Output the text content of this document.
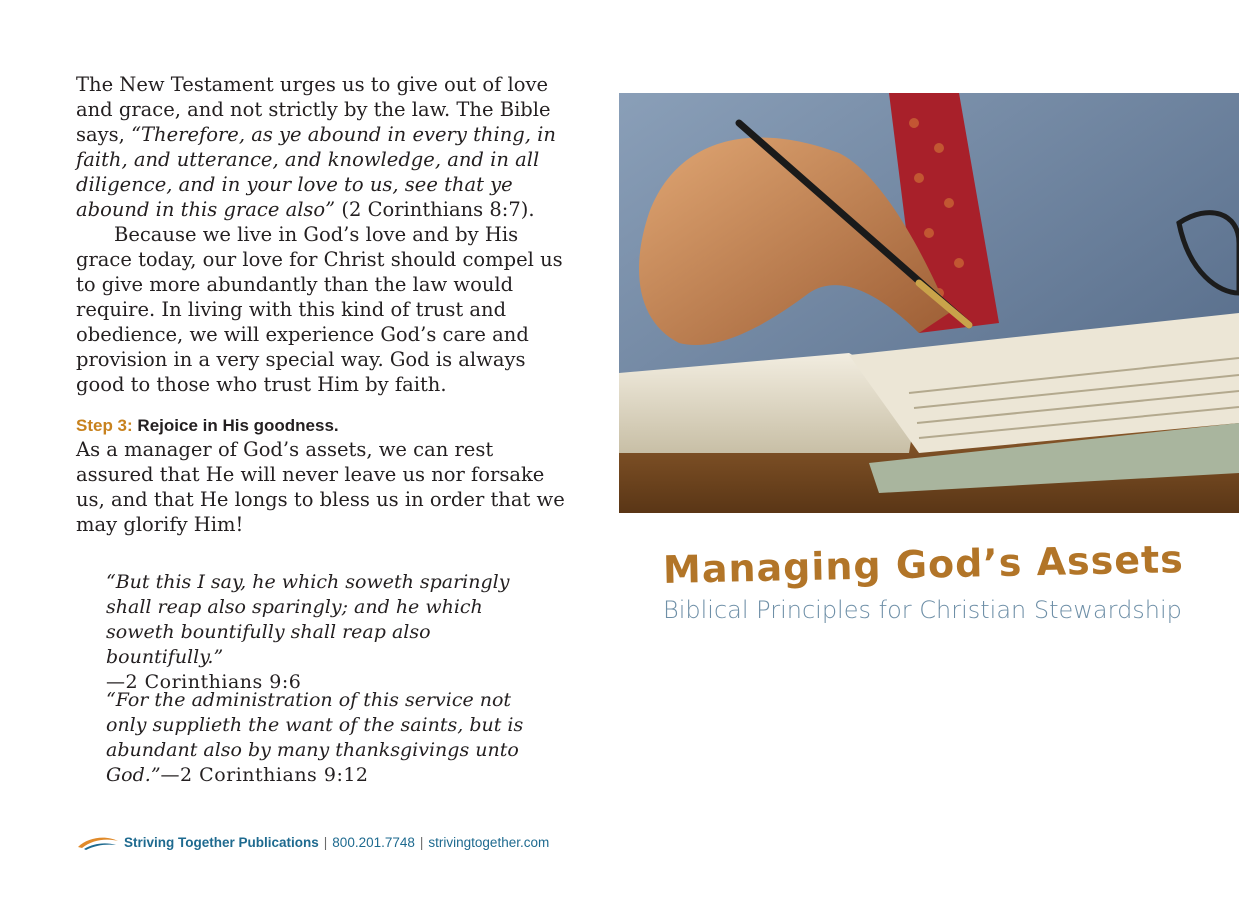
The New Testament urges us to give out of love and grace, and not strictly by the law. The Bible says, “Therefore, as ye abound in every thing, in faith, and utterance, and knowledge, and in all diligence, and in your love to us, see that ye abound in this grace also” (2 Corinthians 8:7).

Because we live in God’s love and by His grace today, our love for Christ should compel us to give more abundantly than the law would require. In living with this kind of trust and obedience, we will experience God’s care and provision in a very special way. God is always good to those who trust Him by faith.

Step 3: Rejoice in His goodness.

As a manager of God’s assets, we can rest assured that He will never leave us nor forsake us, and that He longs to bless us in order that we may glorify Him!

“But this I say, he which soweth sparingly shall reap also sparingly; and he which soweth bountifully shall reap also bountifully.”
—2 Corinthians 9:6
“For the administration of this service not only supplieth the want of the saints, but is abundant also by many thanksgivings unto God.”—2 Corinthians 9:12
Managing God’s Assets
Biblical Principles for Christian Stewardship
Striving Together Publications | 800.201.7748 | strivingtogether.com
